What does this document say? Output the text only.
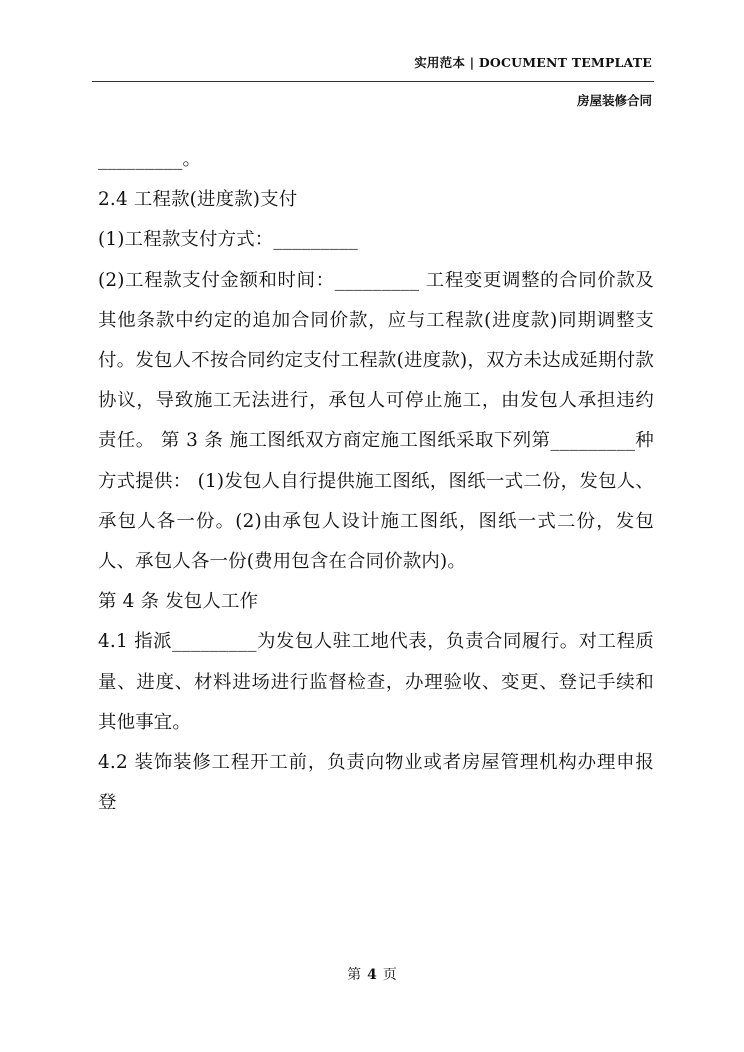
实用范本 | DOCUMENT TEMPLATE
房屋装修合同

_________。

2.4 工程款(进度款)支付

(1)工程款支付方式：_________

(2)工程款支付金额和时间：_________ 工程变更调整的合同价款及其他条款中约定的追加合同价款，应与工程款(进度款)同期调整支付。发包人不按合同约定支付工程款(进度款)，双方未达成延期付款协议，导致施工无法进行，承包人可停止施工，由发包人承担违约责任。 第 3 条 施工图纸双方商定施工图纸采取下列第_________种方式提供： (1)发包人自行提供施工图纸，图纸一式二份，发包人、承包人各一份。(2)由承包人设计施工图纸，图纸一式二份，发包人、承包人各一份(费用包含在合同价款内)。

第 4 条 发包人工作

4.1 指派_________为发包人驻工地代表，负责合同履行。对工程质量、进度、材料进场进行监督检查，办理验收、变更、登记手续和其他事宜。

4.2 装饰装修工程开工前，负责向物业或者房屋管理机构办理申报登

第 4 页
